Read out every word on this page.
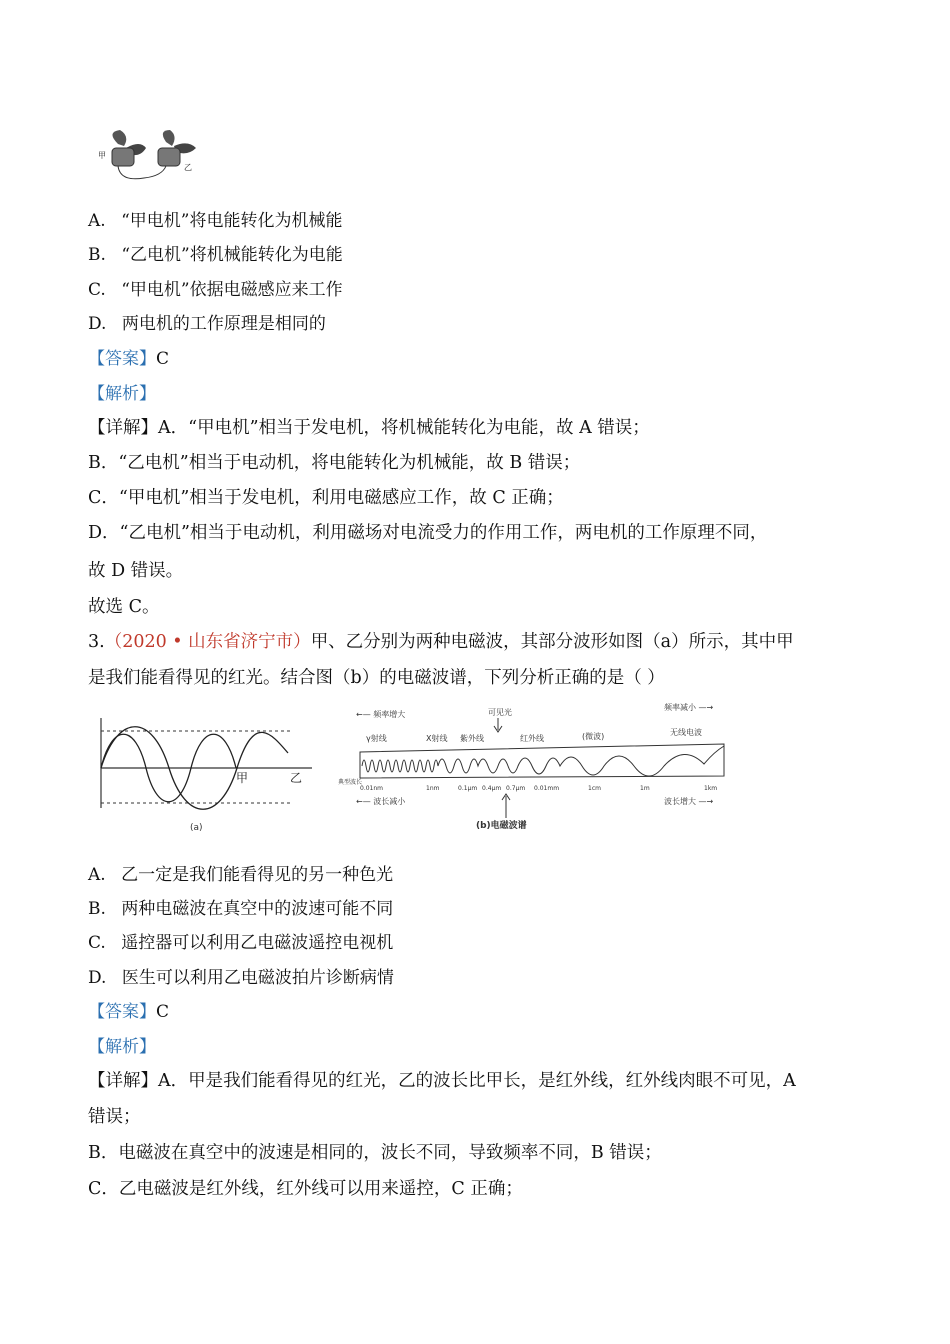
甲
乙
A. “甲电机”将电能转化为机械能
B. “乙电机”将机械能转化为电能
C. “甲电机”依据电磁感应来工作
D. 两电机的工作原理是相同的
【答案】C
【解析】
【详解】A．“甲电机”相当于发电机，将机械能转化为电能，故 A 错误；
B．“乙电机”相当于电动机，将电能转化为机械能，故 B 错误；
C．“甲电机”相当于发电机，利用电磁感应工作，故 C 正确；
D．“乙电机”相当于电动机，利用磁场对电流受力的作用工作，两电机的工作原理不同，
故 D 错误。
故选 C。
3.（2020 • 山东省济宁市）甲、乙分别为两种电磁波，其部分波形如图（a）所示，其中甲
是我们能看得见的红光。结合图（b）的电磁波谱，下列分析正确的是（ ）
甲	乙
(a)
←— 频率增大	可见光
频率减小 —→
γ射线	X射线 紫外线	红外线	(微波)	无线电波
典型波长
0.01nm	1nm	0.1μm 0.4μm 0.7μm 0.01mm	1cm	1m	1km
←— 波长减小	波长增大 —→
(b)电磁波谱
A. 乙一定是我们能看得见的另一种色光
B. 两种电磁波在真空中的波速可能不同
C. 遥控器可以利用乙电磁波遥控电视机
D. 医生可以利用乙电磁波拍片诊断病情
【答案】C
【解析】
【详解】A．甲是我们能看得见的红光，乙的波长比甲长，是红外线，红外线肉眼不可见，A
错误；
B．电磁波在真空中的波速是相同的，波长不同，导致频率不同，B 错误；
C．乙电磁波是红外线，红外线可以用来遥控，C 正确；
